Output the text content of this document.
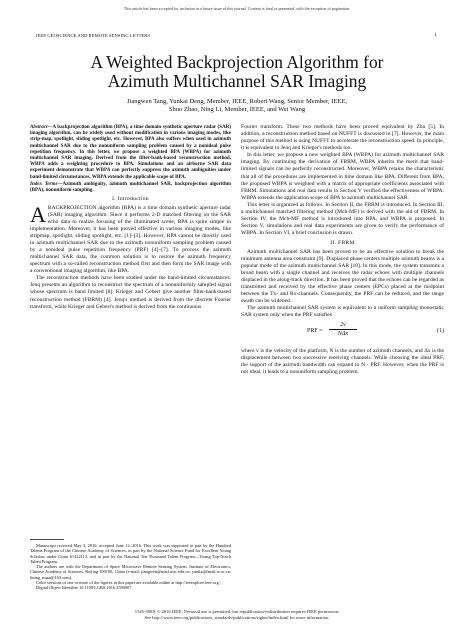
This article has been accepted for inclusion in a future issue of this journal. Content is final as presented, with the exception of pagination.
IEEE GEOSCIENCE AND REMOTE SENSING LETTERS	1
A Weighted Backprojection Algorithm for
Azimuth Multichannel SAR Imaging
Jiangwen Tang, Yunkai Deng, Member, IEEE, Robert Wang, Senior Member, IEEE,
Shuo Zhao, Ning Li, Member, IEEE, and Wei Wang

Abstract—A backprojection algorithm (BPA), a time domain synthetic aperture radar (SAR) imaging algorithm, can be widely used without modification in various imaging modes, like strip-map, spotlight, sliding spotlight, etc. However, BPA also suffers when used in azimuth multichannel SAR due to the nonuniform sampling problem caused by a nonideal pulse repetition frequency. In this letter, we propose a weighted BPA (WBPA) for azimuth multichannel SAR imaging. Derived from the filter-bank-based reconstruction method, WBPA adds a weighting procedure to BPA. Simulations and an airborne SAR data experiment demonstrate that WBPA can perfectly suppress the azimuth ambiguities under band-limited circumstances. WBPA extends the applicable scope of BPA.

Index Terms—Azimuth ambiguity, azimuth multichannel SAR, backprojection algorithm (BPA), nonuniform sampling.

I. Introduction

ABACKPROJECTION algorithm (BPA) is a time domain synthetic aperture radar (SAR) imaging algorithm. Since it performs 2-D matched filtering on the SAR echo data to realize focusing of the illuminated scene, BPA is quite simple in implementation. Moreover, it has been proved effective in various imaging modes, like stripmap, spotlight, sliding spotlight, etc. [1]–[3]. However, BPA cannot be directly used in azimuth multichannel SAR due to the azimuth nonuniform sampling problem caused by a nonideal pulse repetition frequency (PRF) [4]–[7]. To process the azimuth multichannel SAR data, the common solution is to restore the azimuth frequency spectrum with a so-called reconstruction method first and then form the SAR image with a conventional imaging algorithm, like BPA.

The reconstruction methods have been studied under the band-limited circumstances. Jenq presents an algorithm to reconstruct the spectrum of a nonuniformly sampled signal whose spectrum is band limited [8]. Krieger and Gebert give another filter-bank-based reconstruction method (FBRM) [4]. Jenq's method is derived from the discrete Fourier transform, while Krieger and Gebert's method is derived from the continuous

Manuscript received May 3, 2016; accepted June 12, 2016. This work was supported in part by the Hundred Talents Program of the Chinese Academy of Sciences, in part by the National Science Fund for Excellent Young Scholars under Grant 61422113, and in part by the National Ten Thousand Talent Program—Young Top-Notch Talent Program.

The authors are with the Department of Space Microwave Remote Sensing System, Institute of Electronics, Chinese Academy of Sciences, Beijing 100190, China (e-mail: jiangwen@mail.ustc.edu.cn; yunkai@mail.ie.ac.cn; lining_nuaa@163.com).

Color versions of one or more of the figures in this paper are available online at http://ieeexplore.ieee.org.

Digital Object Identifier 10.1109/LGRS.2016.2580907

Fourier transform. These two methods have been proved equivalent by Zhu [5]. In addition, a reconstruction method based on NUFFT is discussed in [7]. However, the main purpose of this method is using NUFFT to accelerate the reconstruction speed. In principle, it is equivalent to Jenq and Krieger's methods too.

In this letter, we propose a new weighted BPA (WBPA) for azimuth multichannel SAR imaging. By continuing the derivation of FBRM, WBPA inherits the merit that band-limited signals can be perfectly reconstructed. Moreover, WBPA retains the characteristic that all of the procedures are implemented in time domain like BPA. Different from BPA, the proposed WBPA is weighted with a matrix of appropriate coefficients associated with FBRM. Simulations and real data results in Section V verified the effectiveness of WBPA. WBPA extends the application scope of BPA to azimuth multichannel SAR.

This letter is organized as follows. In Section II, the FBRM is introduced. In Section III, a multichannel matched filtering method (Mch-MF) is derived with the aid of FBRM. In Section IV, the Mch-MF method is introduced into BPA, and WBPA is proposed. In Section V, simulations and real data experiments are given to verify the performance of WBPA. In Section VI, a brief conclusion is drawn.

II. FBRM

Azimuth multichannel SAR has been proved to be an effective solution to break the minimum antenna area constraint [9]. Displaced phase centers multiple azimuth beams is a popular mode of the azimuth multichannel SAR [10]. In this mode, the system transmits a broad beam with a single channel and receives the radar echoes with multiple channels displaced in the along-track direction. It has been proved that the echoes can be regarded as transmitted and received by the effective phase centers (EPCs) placed at the midpoint between the Tx- and Rx-channels. Consequently, the PRF can be reduced, and the range swath can be widened.

The azimuth multichannel SAR system is equivalent to a uniform sampling monostatic SAR system only when the PRF satisfies

PRF =
2v
NΔx	(1)

where v is the velocity of the platform, N is the number of azimuth channels, and Δx is the displacement between two successive receiving channels. While choosing the ideal PRF, the support of the azimuth bandwidth can expand to N · PRF. However, when the PRF is not ideal, it leads to a nonuniform sampling problem.

1545-598X © 2016 IEEE. Personal use is permitted, but republication/redistribution requires IEEE permission.
See http://www.ieee.org/publications_standards/publications/rights/index.html for more information.
